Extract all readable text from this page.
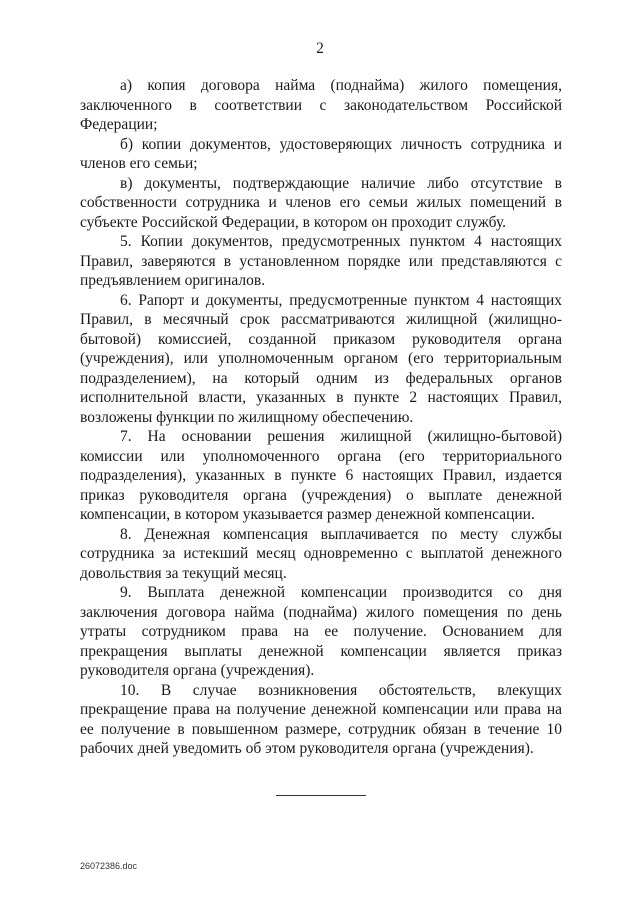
2

а) копия договора найма (поднайма) жилого помещения, заключенного в соответствии с законодательством Российской Федерации;

б) копии документов, удостоверяющих личность сотрудника и членов его семьи;

в) документы, подтверждающие наличие либо отсутствие в собственности сотрудника и членов его семьи жилых помещений в субъекте Российской Федерации, в котором он проходит службу.

5. Копии документов, предусмотренных пунктом 4 настоящих Правил, заверяются в установленном порядке или представляются с предъявлением оригиналов.

6. Рапорт и документы, предусмотренные пунктом 4 настоящих Правил, в месячный срок рассматриваются жилищной (жилищно-бытовой) комиссией, созданной приказом руководителя органа (учреждения), или уполномоченным органом (его территориальным подразделением), на который одним из федеральных органов исполнительной власти, указанных в пункте 2 настоящих Правил, возложены функции по жилищному обеспечению.

7. На основании решения жилищной (жилищно-бытовой) комиссии или уполномоченного органа (его территориального подразделения), указанных в пункте 6 настоящих Правил, издается приказ руководителя органа (учреждения) о выплате денежной компенсации, в котором указывается размер денежной компенсации.

8. Денежная компенсация выплачивается по месту службы сотрудника за истекший месяц одновременно с выплатой денежного довольствия за текущий месяц.

9. Выплата денежной компенсации производится со дня заключения договора найма (поднайма) жилого помещения по день утраты сотрудником права на ее получение. Основанием для прекращения выплаты денежной компенсации является приказ руководителя органа (учреждения).

10. В случае возникновения обстоятельств, влекущих прекращение права на получение денежной компенсации или права на ее получение в повышенном размере, сотрудник обязан в течение 10 рабочих дней уведомить об этом руководителя органа (учреждения).

26072386.doc
